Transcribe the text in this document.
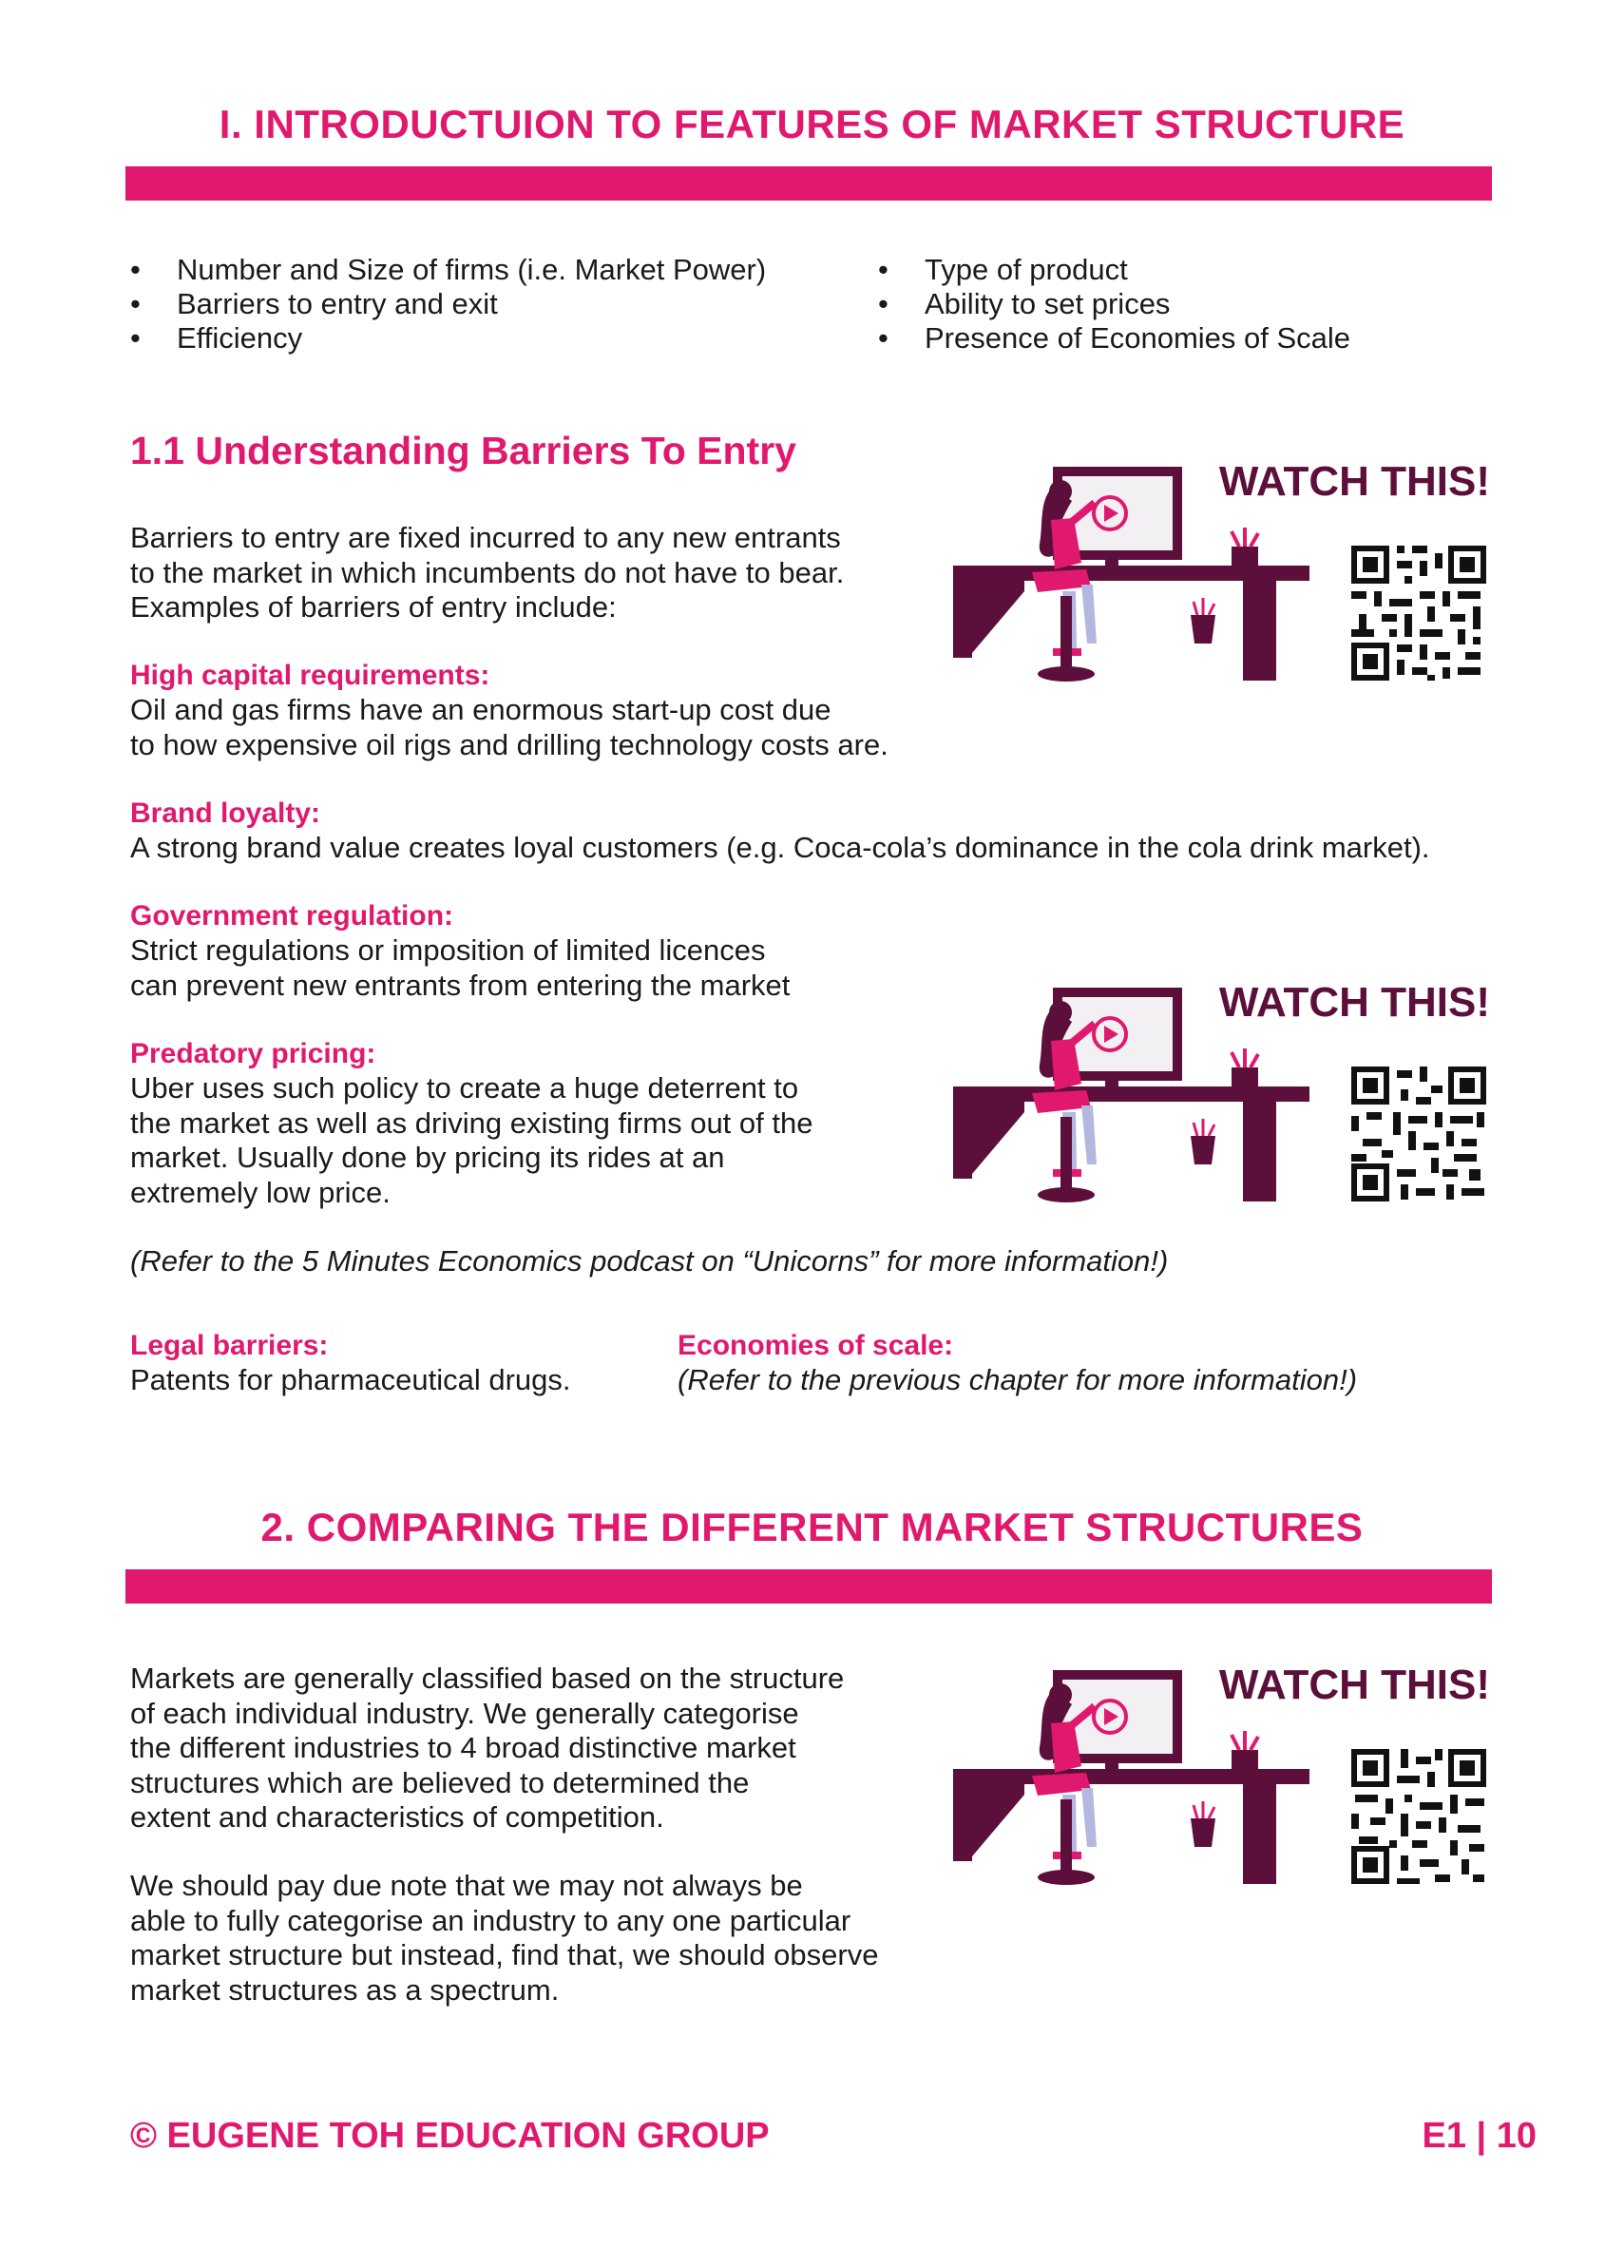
I. INTRODUCTUION TO FEATURES OF MARKET STRUCTURE
• Number and Size of firms (i.e. Market Power)
• Barriers to entry and exit
• Efficiency
• Type of product
• Ability to set prices
• Presence of Economies of Scale
1.1 Understanding Barriers To Entry

Barriers to entry are fixed incurred to any new entrants
to the market in which incumbents do not have to bear.
Examples of barriers of entry include:

High capital requirements:

Oil and gas firms have an enormous start-up cost due
to how expensive oil rigs and drilling technology costs are.

Brand loyalty:

A strong brand value creates loyal customers (e.g. Coca-cola’s dominance in the cola drink market).

Government regulation:

Strict regulations or imposition of limited licences
can prevent new entrants from entering the market

Predatory pricing:

Uber uses such policy to create a huge deterrent to
the market as well as driving existing firms out of the
market. Usually done by pricing its rides at an
extremely low price.

(Refer to the 5 Minutes Economics podcast on “Unicorns” for more information!)

Legal barriers:

Patents for pharmaceutical drugs.

Economies of scale:

(Refer to the previous chapter for more information!)

2. COMPARING THE DIFFERENT MARKET STRUCTURES

Markets are generally classified based on the structure
of each individual industry. We generally categorise
the different industries to 4 broad distinctive market
structures which are believed to determined the
extent and characteristics of competition.

We should pay due note that we may not always be
able to fully categorise an industry to any one particular
market structure but instead, find that, we should observe
market structures as a spectrum.

WATCH THIS!

WATCH THIS!

WATCH THIS!

© EUGENE TOH EDUCATION GROUP	E1 | 10
